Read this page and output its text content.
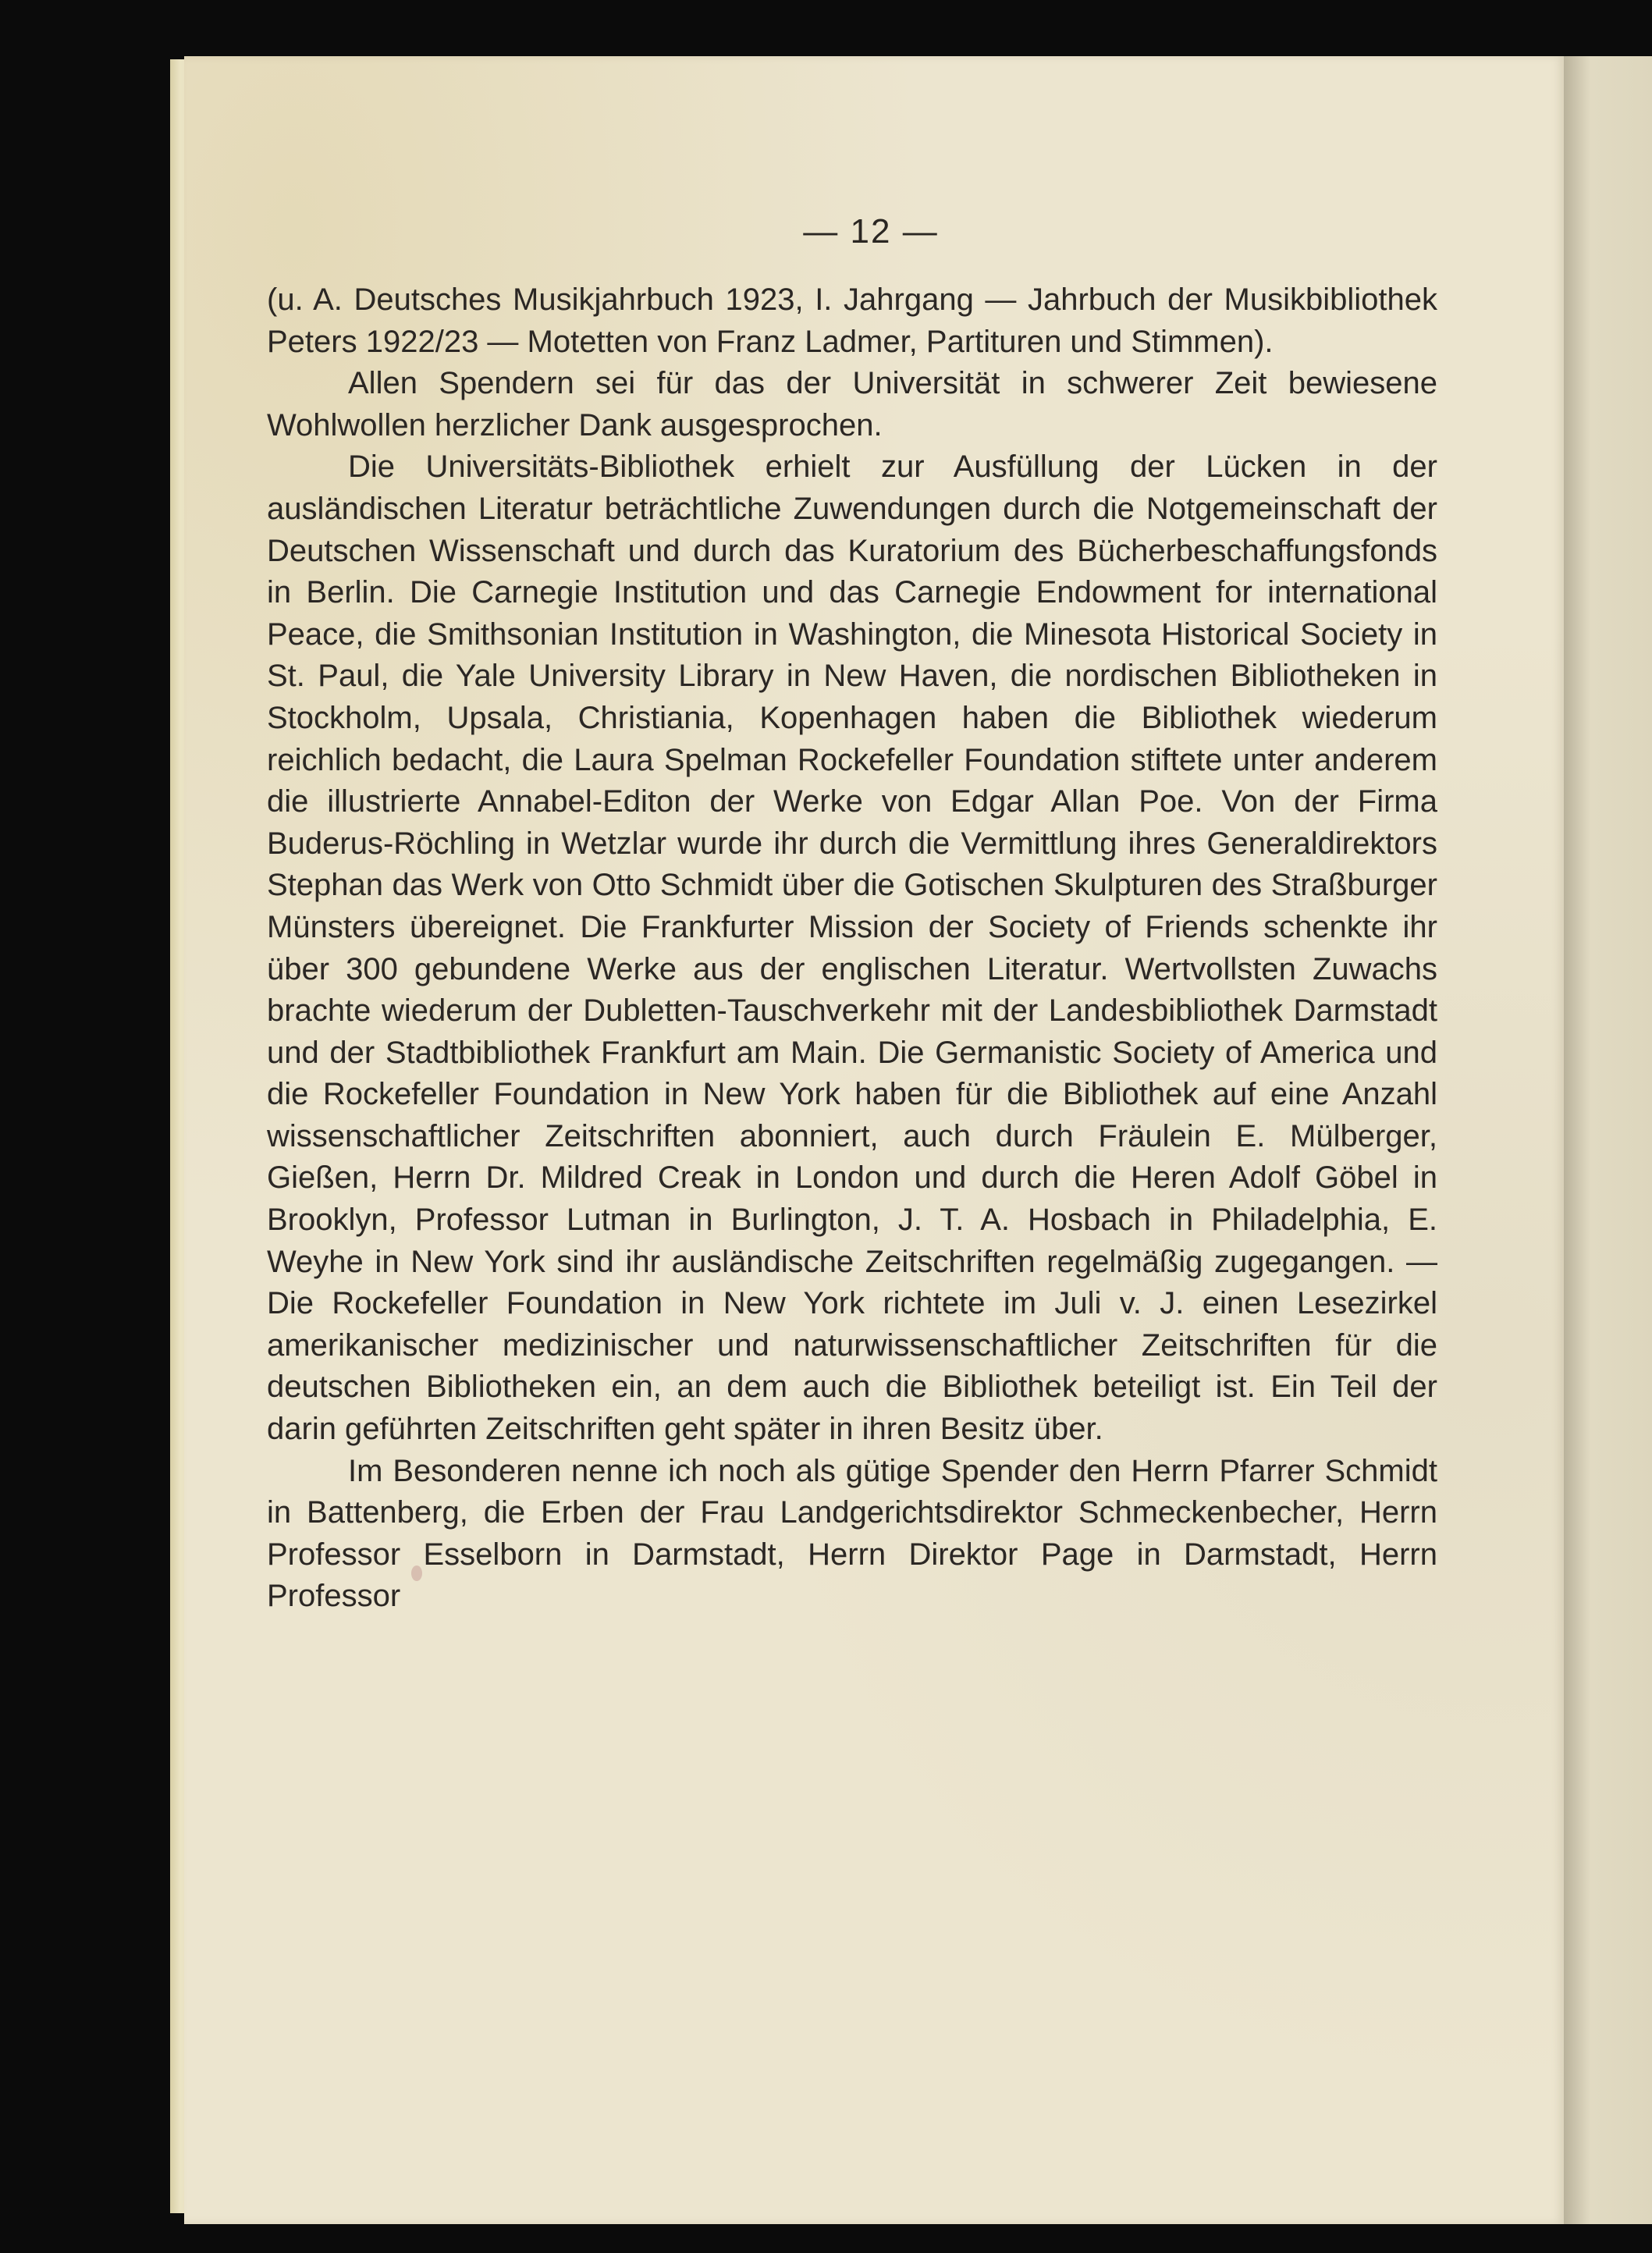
— 12 —

(u. A. Deutsches Musikjahrbuch 1923, I. Jahrgang — Jahrbuch der Musikbibliothek Peters 1922/23 — Motetten von Franz Ladmer, Partituren und Stimmen).

Allen Spendern sei für das der Universität in schwerer Zeit bewiesene Wohlwollen herzlicher Dank ausgesprochen.

Die Universitäts-Bibliothek erhielt zur Ausfüllung der Lücken in der ausländischen Literatur beträchtliche Zuwendungen durch die Notgemeinschaft der Deutschen Wissenschaft und durch das Kuratorium des Bücherbeschaffungsfonds in Berlin. Die Carnegie Institution und das Carnegie Endowment for international Peace, die Smithsonian Institution in Washington, die Minesota Historical Society in St. Paul, die Yale University Library in New Haven, die nordischen Bibliotheken in Stockholm, Upsala, Christiania, Kopenhagen haben die Bibliothek wiederum reichlich bedacht, die Laura Spelman Rockefeller Foundation stiftete unter anderem die illustrierte Annabel-Editon der Werke von Edgar Allan Poe. Von der Firma Buderus-Röchling in Wetzlar wurde ihr durch die Vermittlung ihres Generaldirektors Stephan das Werk von Otto Schmidt über die Gotischen Skulpturen des Straßburger Münsters übereignet. Die Frankfurter Mission der Society of Friends schenkte ihr über 300 gebundene Werke aus der englischen Literatur. Wertvollsten Zuwachs brachte wiederum der Dubletten-Tauschverkehr mit der Landesbibliothek Darmstadt und der Stadtbibliothek Frankfurt am Main. Die Germanistic Society of America und die Rockefeller Foundation in New York haben für die Bibliothek auf eine Anzahl wissenschaftlicher Zeitschriften abonniert, auch durch Fräulein E. Mülberger, Gießen, Herrn Dr. Mildred Creak in London und durch die Heren Adolf Göbel in Brooklyn, Professor Lutman in Burlington, J. T. A. Hosbach in Philadelphia, E. Weyhe in New York sind ihr ausländische Zeitschriften regelmäßig zugegangen. — Die Rockefeller Foundation in New York richtete im Juli v. J. einen Lesezirkel amerikanischer medizinischer und naturwissenschaftlicher Zeitschriften für die deutschen Bibliotheken ein, an dem auch die Bibliothek beteiligt ist. Ein Teil der darin geführten Zeitschriften geht später in ihren Besitz über.

Im Besonderen nenne ich noch als gütige Spender den Herrn Pfarrer Schmidt in Battenberg, die Erben der Frau Landgerichtsdirektor Schmeckenbecher, Herrn Professor Esselborn in Darmstadt, Herrn Direktor Page in Darmstadt, Herrn Professor
